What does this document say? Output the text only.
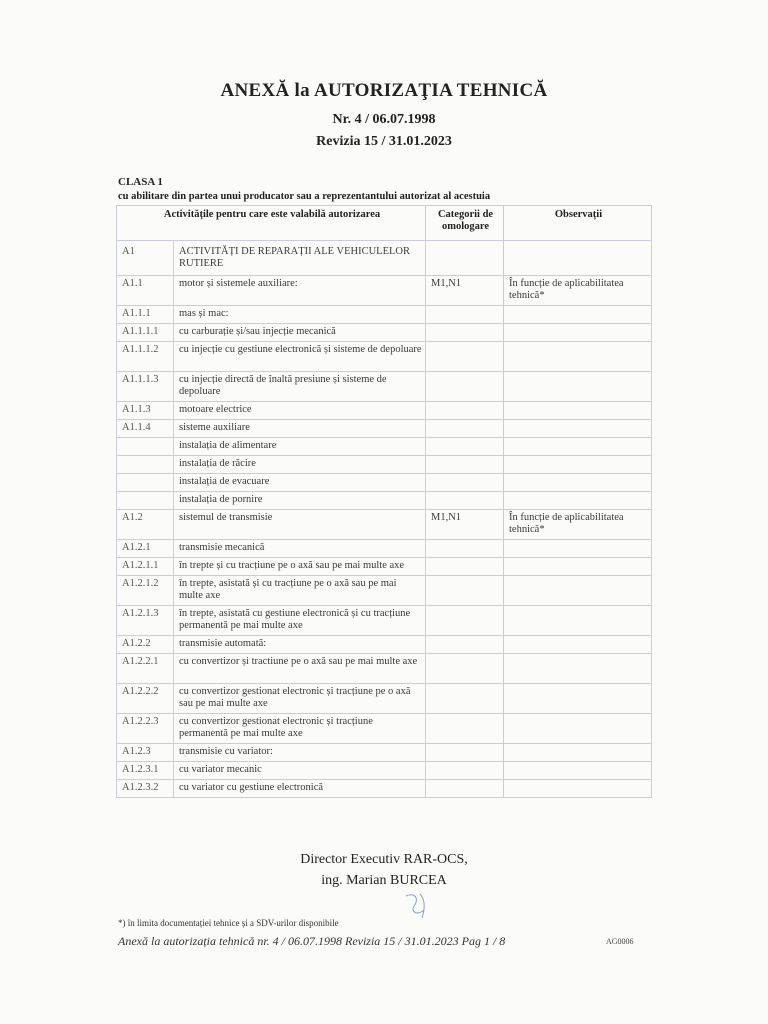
ANEXĂ la AUTORIZAŢIA TEHNICĂ
Nr. 4 / 06.07.1998
Revizia 15 / 31.01.2023
CLASA 1
cu abilitare din partea unui producator sau a reprezentantului autorizat al acestuia
Activitățile pentru care este valabilă autorizarea		Categorii de omologare	Observații
A1	ACTIVITĂȚI DE REPARAȚII ALE VEHICULELOR RUTIERE		
A1.1	motor și sistemele auxiliare:	M1,N1	În funcție de aplicabilitatea tehnică*
A1.1.1	mas și mac:		
A1.1.1.1	cu carburație și/sau injecție mecanică		
A1.1.1.2	cu injecție cu gestiune electronică și sisteme de depoluare		
A1.1.1.3	cu injecție directă de înaltă presiune și sisteme de depoluare		
A1.1.3	motoare electrice		
A1.1.4	sisteme auxiliare		
	instalația de alimentare		
	instalația de răcire		
	instalația de evacuare		
	instalația de pornire		
A1.2	sistemul de transmisie	M1,N1	În funcție de aplicabilitatea tehnică*
A1.2.1	transmisie mecanică		
A1.2.1.1	în trepte și cu tracțiune pe o axă sau pe mai multe axe		
A1.2.1.2	în trepte, asistată și cu tracțiune pe o axă sau pe mai multe axe		
A1.2.1.3	în trepte, asistată cu gestiune electronică și cu tracțiune permanentă pe mai multe axe		
A1.2.2	transmisie automată:		
A1.2.2.1	cu convertizor și tractiune pe o axă sau pe mai multe axe		
A1.2.2.2	cu convertizor gestionat electronic și tracțiune pe o axă sau pe mai multe axe		
A1.2.2.3	cu convertizor gestionat electronic și tracțiune permanentă pe mai multe axe		
A1.2.3	transmisie cu variator:		
A1.2.3.1	cu variator mecanic		
A1.2.3.2	cu variator cu gestiune electronică		
Director Executiv RAR-OCS,
ing. Marian BURCEA
*) în limita documentației tehnice și a SDV-urilor disponibile
Anexă la autorizația tehnică nr. 4 / 06.07.1998 Revizia 15 / 31.01.2023 Pag 1 / 8	AG0006
